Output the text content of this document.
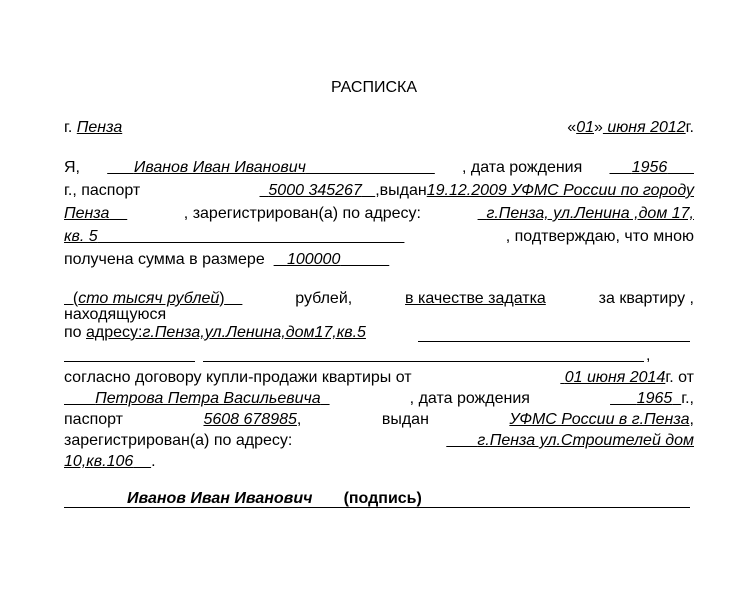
РАСПИСКА
г. Пенза	«01» июня 2012г.
Я,	Иванов Иван Иванович	, дата рождения	1956
г., паспорт	5000 345267 ,выдан19.12.2009 УФМС России по городу
Пенза	, зарегистрирован(а) по адресу:	г.Пенза, ул.Ленина ,дом 17,
кв. 5	, подтверждаю, что мною
получена сумма в размере 100000
(сто тысяч рублей)	рублей,	в качестве задатка	за квартиру ,
находящуюся
по адресу:г.Пенза,ул.Ленина,дом17,кв.5
,
согласно договору купли-продажи квартиры от	01 июня 2014г. от
Петрова Петра Васильевича	, дата рождения	1965 г.,
паспорт	5608 678985,	выдан	УФМС России в г.Пенза,
зарегистрирован(а) по адресу:	г.Пенза ул.Строителей дом
10,кв.106 .
Иванов Иван Иванович (подпись)
